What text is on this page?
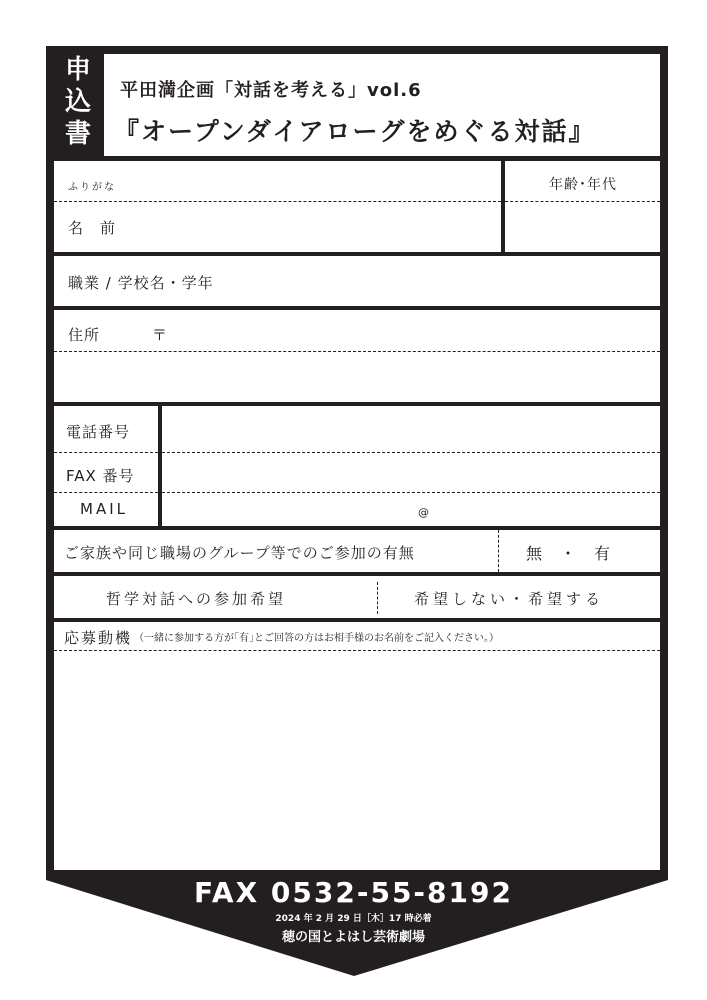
申
込
書
平田満企画「対話を考える」vol.6
『オープンダイアローグをめぐる対話』
ふりがな
名　前
年齢･年代
職業 / 学校名・学年
住所	〒
電話番号
FAX 番号
MAIL	@
ご家族や同じ職場のグループ等でのご参加の有無	無　・　有
哲学対話への参加希望	希望しない・希望する
応募動機 （一緒に参加する方が｢有｣とご回答の方はお相手様のお名前をご記入ください。）
FAX 0532-55-8192
2024 年 2 月 29 日［木］17 時必着
穂の国とよはし芸術劇場
